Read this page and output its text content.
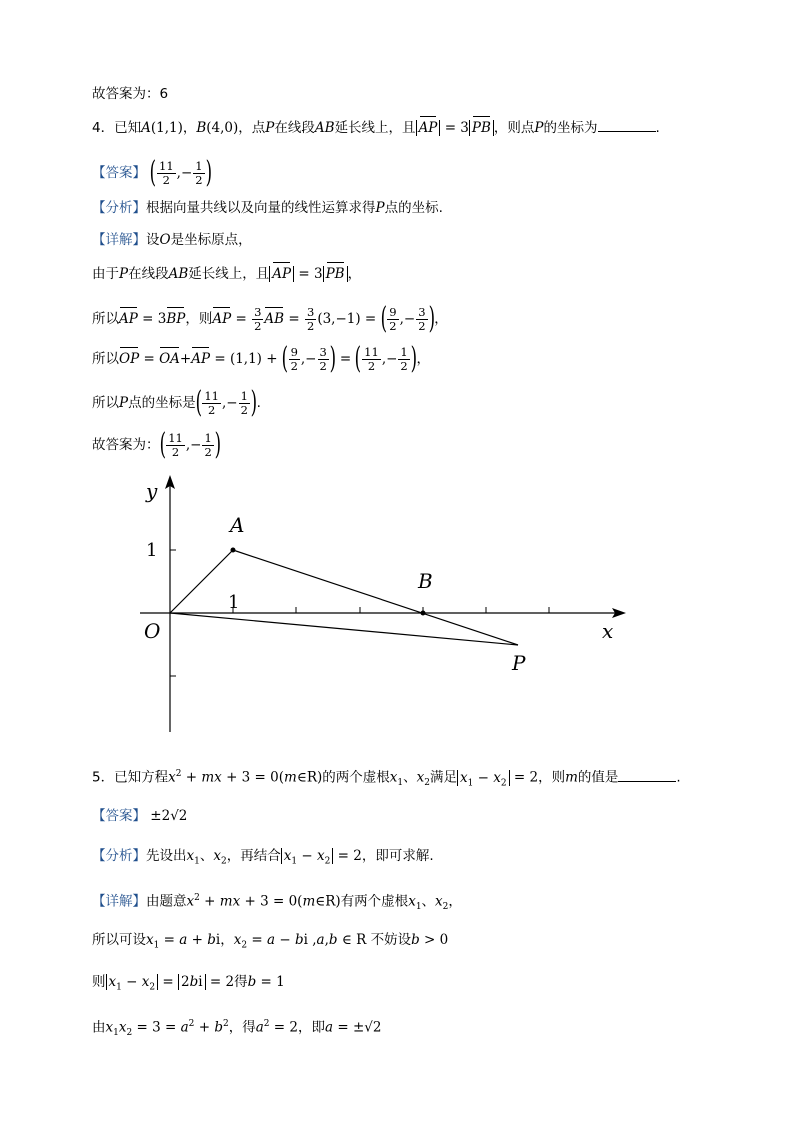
故答案为：6
4．已知A(1,1)，B(4,0)，点P在线段AB延长线上，且 AP = 3 PB ，则点P的坐标为	.
【答案】 ( $\frac{11}{2}$ ,− $\frac{1}{2}$ )
【分析】根据向量共线以及向量的线性运算求得P点的坐标.
【详解】设O是坐标原点，
由于P在线段AB延长线上，且 AP = 3 PB ，
所以AP = 3BP，则AP = $\frac{3}{2}$ AB = $\frac{3}{2} (3,-1)$ = ( $\frac{9}{2}$ ,− $\frac{3}{2}$ )，
所以OP = OA+AP = (1,1) + ( $\frac{9}{2}$ ,− $\frac{3}{2}$ ) = ( $\frac{11}{2}$ ,− $\frac{1}{2}$ )，
所以P点的坐标是( $\frac{11}{2}$ ,− $\frac{1}{2}$ ).
故答案为：( $\frac{11}{2}$ ,− $\frac{1}{2}$ )
y
x
O
1
1
A
B
P
5．已知方程$x^2$ + mx + 3 = 0(m∈R)的两个虚根$x_1$、$x_2$满足 $x_1 - x_2 = 2$，则m的值是	.
【答案】 ±2√2
【分析】先设出$x_1$、$x_2$，再结合 $x_1 - x_2 = 2$，即可求解.
【详解】由题意$x^2$ + mx + 3 = 0(m∈R)有两个虚根$x_1$、$x_2$，
所以可设$x_1 = a$ + bi，$x_2 = a$ − bi ,a,b ∈ R 不妨设b > 0
则 $x_1 - x_2 = 2bi = 2$得b = 1
由$x_1x_2 = 3 = a^2 + b^2$，得$a^2 = 2$，即a = ±√2
